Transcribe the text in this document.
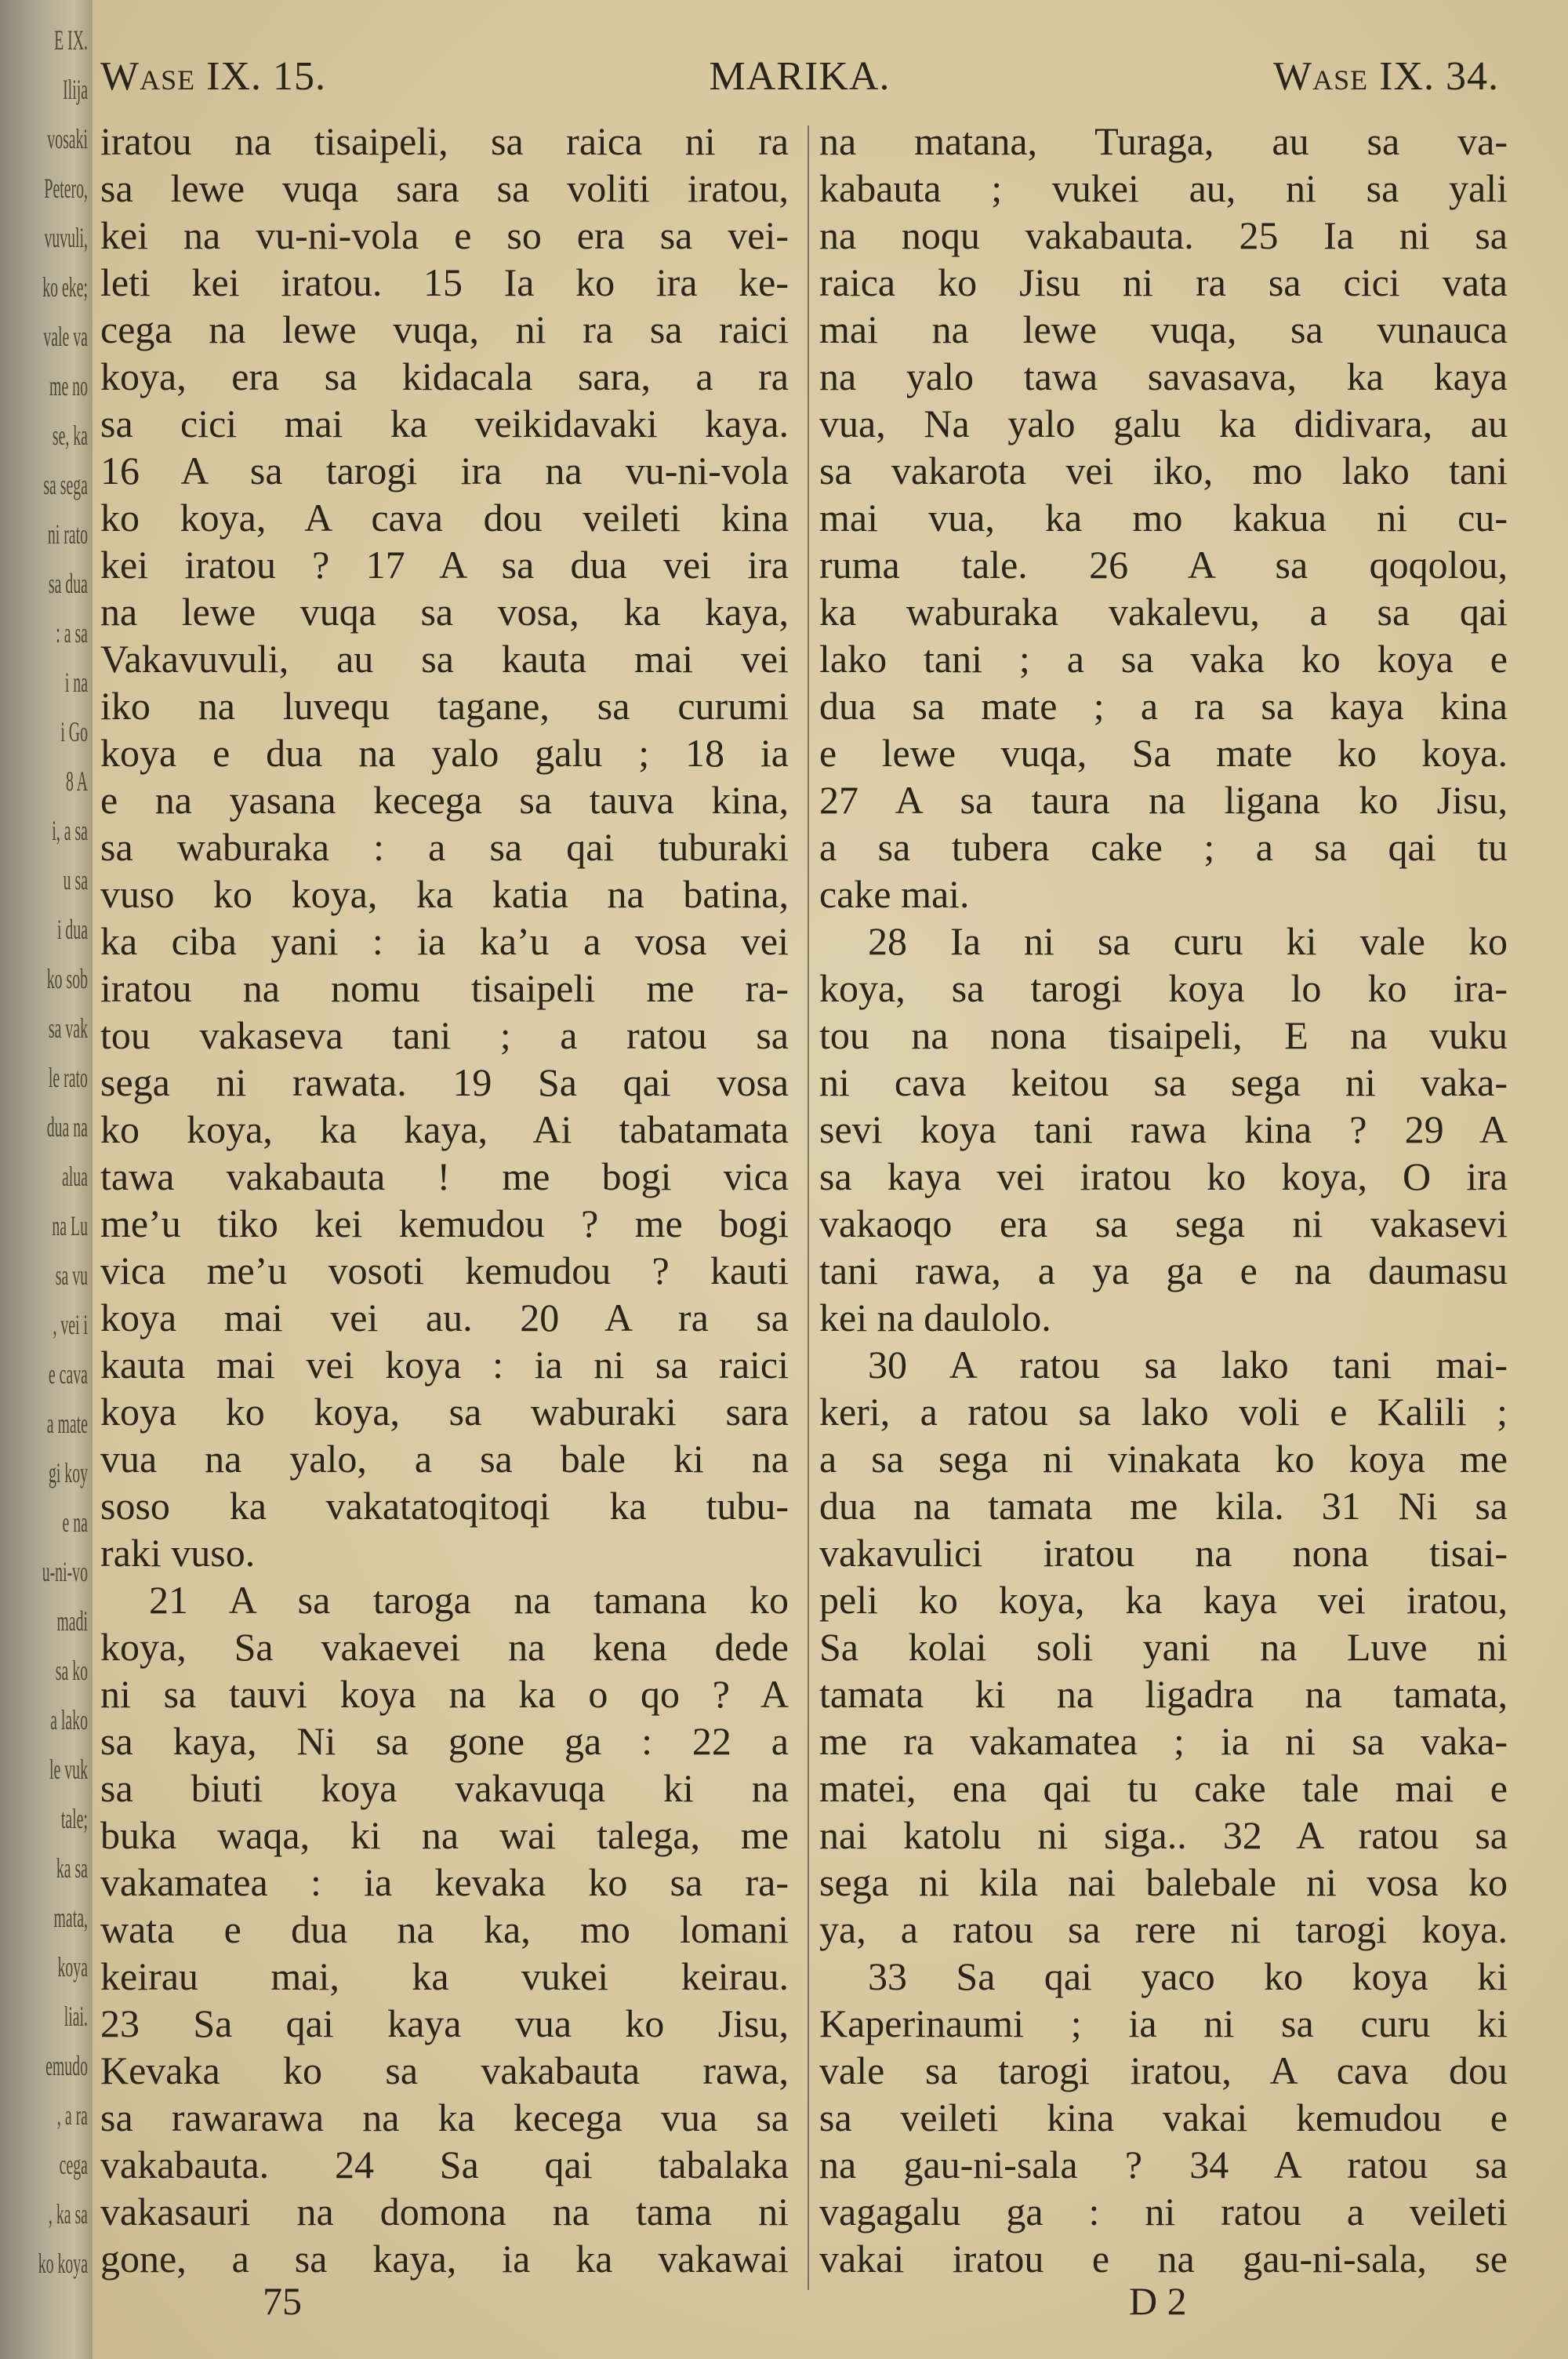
E IX.
Ilija
vosaki
Petero,
vuvuli,
ko eke;
vale va
me no
se, ka
sa sega
ni rato
sa dua
: a sa
i na
i Go
8 A
i, a sa
u sa
i dua
ko sob
sa vak
le rato
dua na
alua
na Lu
sa vu
, vei i
e cava
a mate
gi koy
e na
u-ni-vo
madi
sa ko
a lako
le vuk
tale;
ka sa
mata,
koya
liai.
emudo
, a ra
cega
, ka sa
ko koya
Wase IX. 15.	MARIKA.	Wase IX. 34.
iratou na tisaipeli, sa raica ni ra
sa lewe vuqa sara sa voliti iratou,
kei na vu-ni-vola e so era sa vei-
leti kei iratou. 15 Ia ko ira ke-
cega na lewe vuqa, ni ra sa raici
koya, era sa kidacala sara, a ra
sa cici mai ka veikidavaki kaya.
16 A sa tarogi ira na vu-ni-vola
ko koya, A cava dou veileti kina
kei iratou ? 17 A sa dua vei ira
na lewe vuqa sa vosa, ka kaya,
Vakavuvuli, au sa kauta mai vei
iko na luvequ tagane, sa curumi
koya e dua na yalo galu ; 18 ia
e na yasana kecega sa tauva kina,
sa waburaka : a sa qai tuburaki
vuso ko koya, ka katia na batina,
ka ciba yani : ia ka’u a vosa vei
iratou na nomu tisaipeli me ra-
tou vakaseva tani ; a ratou sa
sega ni rawata. 19 Sa qai vosa
ko koya, ka kaya, Ai tabatamata
tawa vakabauta ! me bogi vica
me’u tiko kei kemudou ? me bogi
vica me’u vosoti kemudou ? kauti
koya mai vei au. 20 A ra sa
kauta mai vei koya : ia ni sa raici
koya ko koya, sa waburaki sara
vua na yalo, a sa bale ki na
soso ka vakatatoqitoqi ka tubu-
raki vuso.
21 A sa taroga na tamana ko
koya, Sa vakaevei na kena dede
ni sa tauvi koya na ka o qo ? A
sa kaya, Ni sa gone ga : 22 a
sa biuti koya vakavuqa ki na
buka waqa, ki na wai talega, me
vakamatea : ia kevaka ko sa ra-
wata e dua na ka, mo lomani
keirau mai, ka vukei keirau.
23 Sa qai kaya vua ko Jisu,
Kevaka ko sa vakabauta rawa,
sa rawarawa na ka kecega vua sa
vakabauta. 24 Sa qai tabalaka
vakasauri na domona na tama ni
gone, a sa kaya, ia ka vakawai
na matana, Turaga, au sa va-
kabauta ; vukei au, ni sa yali
na noqu vakabauta. 25 Ia ni sa
raica ko Jisu ni ra sa cici vata
mai na lewe vuqa, sa vunauca
na yalo tawa savasava, ka kaya
vua, Na yalo galu ka didivara, au
sa vakarota vei iko, mo lako tani
mai vua, ka mo kakua ni cu-
ruma tale. 26 A sa qoqolou,
ka waburaka vakalevu, a sa qai
lako tani ; a sa vaka ko koya e
dua sa mate ; a ra sa kaya kina
e lewe vuqa, Sa mate ko koya.
27 A sa taura na ligana ko Jisu,
a sa tubera cake ; a sa qai tu
cake mai.
28 Ia ni sa curu ki vale ko
koya, sa tarogi koya lo ko ira-
tou na nona tisaipeli, E na vuku
ni cava keitou sa sega ni vaka-
sevi koya tani rawa kina ? 29 A
sa kaya vei iratou ko koya, O ira
vakaoqo era sa sega ni vakasevi
tani rawa, a ya ga e na daumasu
kei na daulolo.
30 A ratou sa lako tani mai-
keri, a ratou sa lako voli e Kalili ;
a sa sega ni vinakata ko koya me
dua na tamata me kila. 31 Ni sa
vakavulici iratou na nona tisai-
peli ko koya, ka kaya vei iratou,
Sa kolai soli yani na Luve ni
tamata ki na ligadra na tamata,
me ra vakamatea ; ia ni sa vaka-
matei, ena qai tu cake tale mai e
nai katolu ni siga.. 32 A ratou sa
sega ni kila nai balebale ni vosa ko
ya, a ratou sa rere ni tarogi koya.
33 Sa qai yaco ko koya ki
Kaperinaumi ; ia ni sa curu ki
vale sa tarogi iratou, A cava dou
sa veileti kina vakai kemudou e
na gau-ni-sala ? 34 A ratou sa
vagagalu ga : ni ratou a veileti
vakai iratou e na gau-ni-sala, se
75	D 2
